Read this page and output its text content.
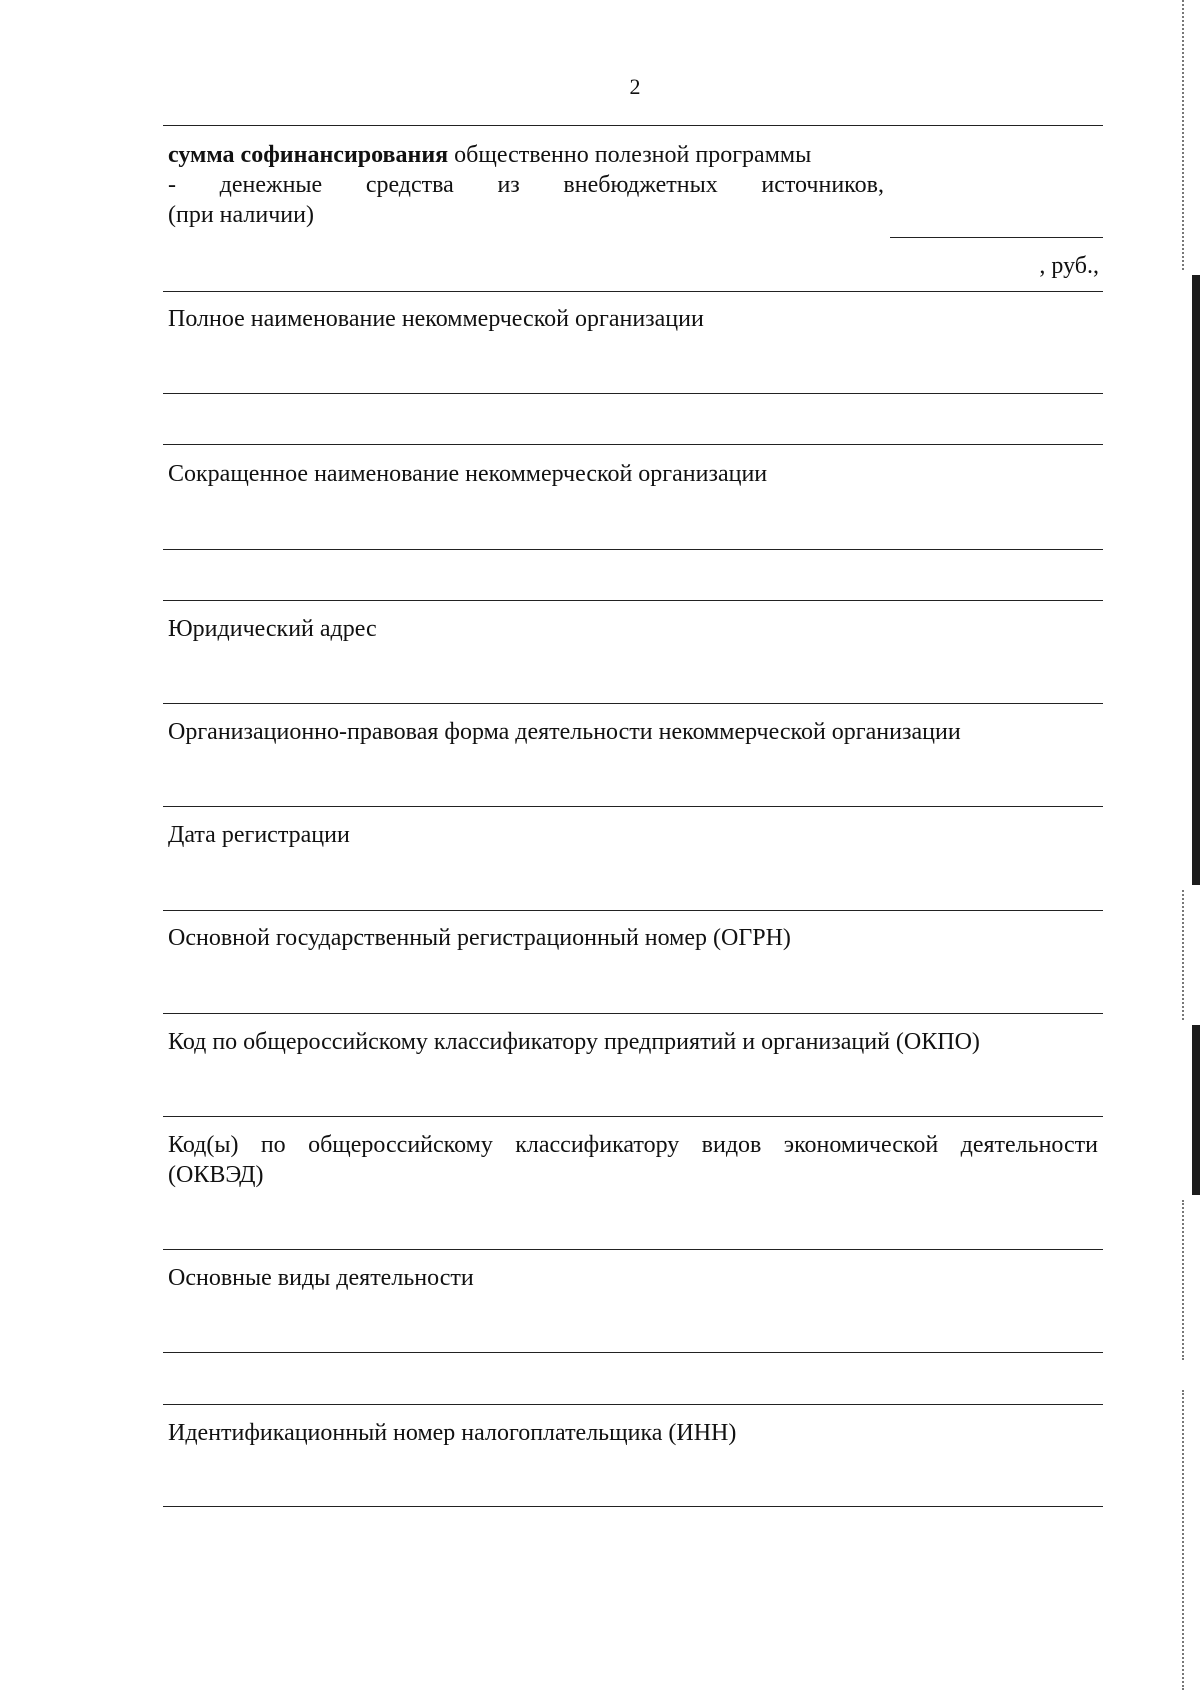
2
сумма софинансирования общественно полезной программы
- денежные средства из внебюджетных источников,
(при наличии)
, руб.,
Полное наименование некоммерческой организации
Сокращенное наименование некоммерческой организации
Юридический адрес
Организационно-правовая форма деятельности некоммерческой организации
Дата регистрации
Основной государственный регистрационный номер (ОГРН)
Код по общероссийскому классификатору предприятий и организаций (ОКПО)
Код(ы) по общероссийскому классификатору видов экономической деятельности (ОКВЭД)
Основные виды деятельности
Идентификационный номер налогоплательщика (ИНН)
